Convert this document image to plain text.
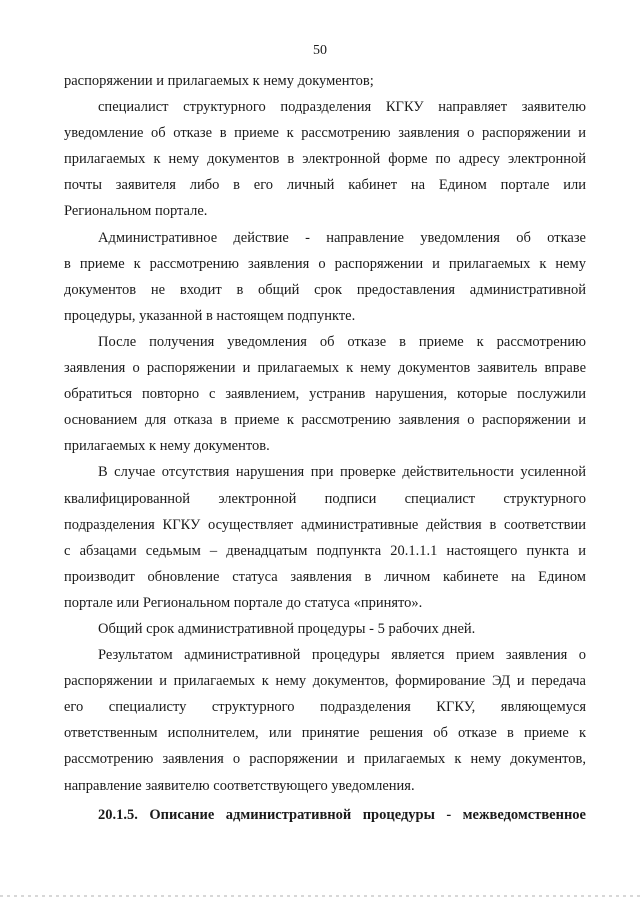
50
распоряжении и прилагаемых к нему документов;
специалист структурного подразделения КГКУ направляет заявителю
уведомление об отказе в приеме к рассмотрению заявления о распоряжении и
прилагаемых к нему документов в электронной форме по адресу электронной
почты заявителя либо в его личный кабинет на Едином портале или
Региональном портале.
Административное действие - направление уведомления об отказе
в приеме к рассмотрению заявления о распоряжении и прилагаемых к нему
документов не входит в общий срок предоставления административной
процедуры, указанной в настоящем подпункте.
После получения уведомления об отказе в приеме к рассмотрению
заявления о распоряжении и прилагаемых к нему документов заявитель вправе
обратиться повторно с заявлением, устранив нарушения, которые послужили
основанием для отказа в приеме к рассмотрению заявления о распоряжении и
прилагаемых к нему документов.
В случае отсутствия нарушения при проверке действительности усиленной
квалифицированной электронной подписи специалист структурного
подразделения КГКУ осуществляет административные действия в соответствии
с абзацами седьмым – двенадцатым подпункта 20.1.1.1 настоящего пункта и
производит обновление статуса заявления в личном кабинете на Едином
портале или Региональном портале до статуса «принято».
Общий срок административной процедуры - 5 рабочих дней.
Результатом административной процедуры является прием заявления о
распоряжении и прилагаемых к нему документов, формирование ЭД и передача
его специалисту структурного подразделения КГКУ, являющемуся
ответственным исполнителем, или принятие решения об отказе в приеме к
рассмотрению заявления о распоряжении и прилагаемых к нему документов,
направление заявителю соответствующего уведомления.
20.1.5. Описание административной процедуры - межведомственное
